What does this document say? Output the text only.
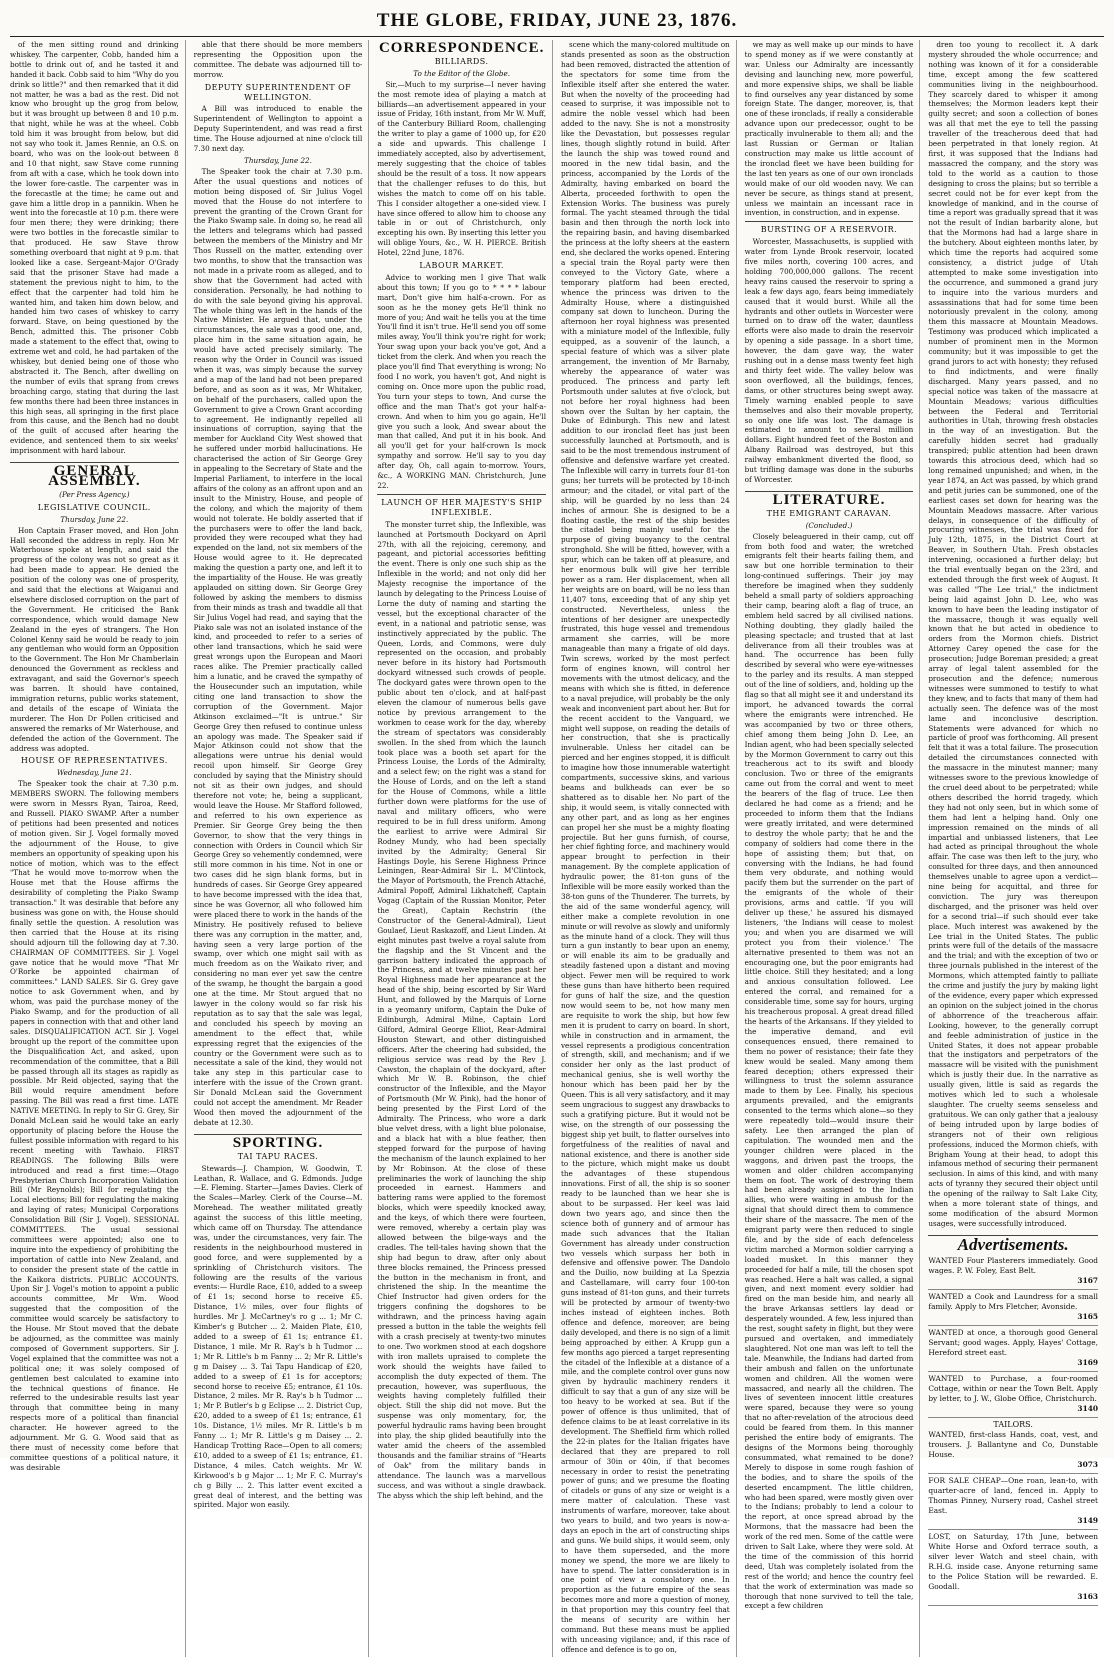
THE GLOBE, FRIDAY, JUNE 23, 1876.

of the men sitting round and drinking whiskey. The carpenter, Cobb, handed him a bottle to drink out of, and he tasted it and handed it back. Cobb said to him "Why do you drink so little?" and then remarked that it did not matter, he was a bad as the rest. Did not know who brought up the grog from below, but it was brought up between 8 and 10 p.m. that night, while he was at the wheel. Cobb told him it was brought from below, but did not say who took it. James Rennie, an O.S. on board, who was on the look-out between 8 and 10 that night, saw Stave come running from aft with a case, which he took down into the lower fore-castle. The carpenter was in the forecastle at the time; he came out and gave him a little drop in a pannikin. When he went into the forecastle at 10 p.m. there were four men there; they were drinking; there were two bottles in the forecastle similar to that produced. He saw Stave throw something overboard that night at 9 p.m. that looked like a case. Sergeant-Major O'Grady said that the prisoner Stave had made a statement the previous night to him, to the effect that the carpenter had told him he wanted him, and taken him down below, and handed him two cases of whiskey to carry forward. Stave, on being questioned by the Bench, admitted this. The prisoner Cobb made a statement to the effect that, owing to extreme wet and cold, he had partaken of the whiskey, but denied being one of those who abstracted it. The Bench, after dwelling on the number of evils that sprang from crews broaching cargo, stating that during the last few months there had been three instances in this high seas, all springing in the first place from this cause, and the Bench had no doubt of the guilt of accused after hearing the evidence, and sentenced them to six weeks' imprisonment with hard labour.

GENERAL ASSEMBLY.
(Per Press Agency.)
LEGISLATIVE COUNCIL.
Thursday, June 22.

Hon Captain Fraser moved, and Hon John Hall seconded the address in reply. Hon Mr Waterhouse spoke at length, and said the progress of the colony was not so great as it had been made to appear. He denied the position of the colony was one of prosperity, and said that the elections at Waiganui and elsewhere disclosed corruption on the part of the Government. He criticised the Bank correspondence, which would damage New Zealand in the eyes of strangers. The Hon Colonel Kenny said he would be ready to join any gentleman who would form an Opposition to the Government. The Hon Mr Chamberlain denounced the Government as reckless and extravagant, and said the Governor's speech was barren. It should have contained, immigration returns, public works statement, and details of the escape of Winiata the murderer. The Hon Dr Pollen criticised and answered the remarks of Mr Waterhouse, and defended the action of the Government. The address was adopted.

HOUSE OF REPRESENTATIVES.
Wednesday, June 21.

The Speaker took the chair at 7.30 p.m. MEMBERS SWORN. The following members were sworn in Messrs Ryan, Tairoa, Reed, and Russell. PIAKO SWAMP. After a number of petitions had been presented and notices of motion given. Sir J. Vogel formally moved the adjournment of the House, to give members an opportunity of speaking upon his notice of motion, which was to the effect "That he would move to-morrow when the House met that the House affirms the desirability of completing the Piako Swamp transaction." It was desirable that before any business was gone on with, the House should finally settle the question. A resolution was then carried that the House at its rising should adjourn till the following day at 7.30. CHAIRMAN OF COMMITTEES. Sir J. Vogel gave notice that he would move "That Mr O'Rorke be appointed chairman of committees." LAND SALES. Sir G. Grey gave notice to ask Government when, and by whom, was paid the purchase money of the Piako Swamp, and for the production of all papers in connection with that and other land sales. DISQUALIFICATION ACT. Sir J. Vogel brought up the report of the committee upon the Disqualification Act, and asked, upon recommendation of the committee, that a Bill be passed through all its stages as rapidly as possible. Mr Reid objected, saying that the Bill would require amendment before passing. The Bill was read a first time. LATE NATIVE MEETING. In reply to Sir G. Grey, Sir Donald McLean said he would take an early opportunity of placing before the House the fullest possible information with regard to his recent meeting with Tawhaio. FIRST READINGS. The following Bills were introduced and read a first time:—Otago Presbyterian Church Incorporation Validation Bill (Mr Reynolds); Bill for regulating the Local elections; Bill for regulating the making and laying of rates; Municipal Corporations Consolidation Bill (Sir J. Vogel). SESSIONAL COMMITTEES. The usual sessional committees were appointed; also one to inquire into the expediency of prohibiting the importation of cattle into New Zealand, and to consider the present state of the cattle in the Kaikora districts. PUBLIC ACCOUNTS. Upon Sir J. Vogel's motion to appoint a public accounts committee, Mr Wm. Wood suggested that the composition of the committee would scarcely be satisfactory to the House. Mr Stout moved that the debate be adjourned, as the committee was mainly composed of Government supporters. Sir J. Vogel explained that the committee was not a political one; it was solely composed of gentlemen best calculated to examine into the technical questions of finance. He referred to the undesirable results last year through that committee being in many respects more of a political than financial character. He however agreed to the adjournment. Mr G. G. Wood said that as there must of necessity come before that committee questions of a political nature, it was desirable

able that there should be more members representing the Opposition upon the committee. The debate was adjourned till to-morrow.

DEPUTY SUPERINTENDENT OF WELLINGTON.

A Bill was introduced to enable the Superintendent of Wellington to appoint a Deputy Superintendent, and was read a first time. The House adjourned at nine o'clock till 7.30 next day.

Thursday, June 22.

The Speaker took the chair at 7.30 p.m. After the usual questions and notices of motion being disposed of. Sir Julius Vogel moved that the House do not interfere to prevent the granting of the Crown Grant for the Piako Swamp sale. In doing so, he read all the letters and telegrams which had passed between the members of the Ministry and Mr Thos Russell on the matter, extending over two months, to show that the transaction was not made in a private room as alleged, and to show that the Government had acted with consideration. Personally, he had nothing to do with the sale beyond giving his approval. The whole thing was left in the hands of the Native Minister. He argued that, under the circumstances, the sale was a good one, and, place him in the same situation again, he would have acted precisely similarly. The reason why the Order in Council was issued when it was, was simply because the survey and a map of the land had not been prepared before, and as soon as it was, Mr Whitaker, on behalf of the purchasers, called upon the Government to give a Crown Grant according to agreement. He indignantly repelled all insinuations of corruption, saying that the member for Auckland City West showed that he suffered under morbid hallucinations. He characterised the action of Sir George Grey in appealing to the Secretary of State and the Imperial Parliament, to interfere in the local affairs of the colony as an affront upon and an insult to the Ministry, House, and people of the colony, and which the majority of them would not tolerate. He boldly asserted that if the purchasers were to offer the land back, provided they were recouped what they had expended on the land, not six members of the House would agree to it. He deprecated making the question a party one, and left it to the impartiality of the House. He was greatly applauded on sitting down. Sir George Grey followed by asking the members to dismiss from their minds as trash and twaddle all that Sir Julius Vogel had read, and saying that the Piako sale was not an isolated instance of the kind, and proceeded to refer to a series of other land transactions, which he said were great wrongs upon the European and Maori races alike. The Premier practically called him a lunatic, and he craved the sympathy of the Housecunder such an imputation, while citing one land transaction to show the corruption of the Government. Major Atkinson exclaimed—"It is untrue." Sir George Grey then refused to continue unless an apology was made. The Speaker said if Major Atkinson could not show that the allegations were untrue his denial would recoil upon himself. Sir George Grey concluded by saying that the Ministry should not sit as their own judges, and should therefore not vote; he, being a supplicant, would leave the House. Mr Stafford followed, and referred to his own experience as Premier. Sir George Grey being the then Governor, to show that the very things in connection with Orders in Council which Sir George Grey so vehemently condemned, were still more common in his time. Not in one or two cases did he sign blank forms, but in hundreds of cases. Sir George Grey appeared to have become impressed with the idea that, since he was Governor, all who followed him were placed there to work in the hands of the Ministry. He positively refused to believe there was any corruption in the matter, and, having seen a very large portion of the swamp, over which one might sail with as much freedom as on the Waikato river, and considering no man ever yet saw the centre of the swamp, he thought the bargain a good one at the time. Mr Stout argued that no lawyer in the colony would so far risk his reputation as to say that the sale was legal, and concluded his speech by moving an amendment to the effect that, while expressing regret that the exigencies of the country or the Government were such as to necessitate a sale of the kind, they would not take any step in this particular case to interfere with the issue of the Crown grant. Sir Donald McLean said the Government could not accept the amendment. Mr Reader Wood then moved the adjournment of the debate at 12.30.

SPORTING.
TAI TAPU RACES.

Stewards—J. Champion, W. Goodwin, T. Leathan, R. Wallace, and G. Edmonds. Judge—E. Fleming. Starter—James Davies. Clerk of the Scales—Marley. Clerk of the Course—M. Morehead. The weather militated greatly against the success of this little meeting, which came off on Thursday. The attendance was, under the circumstances, very fair. The residents in the neighbourhood mustered in good force, and were supplemented by a sprinkling of Christchurch visitors. The following are the results of the various events:— Hurdle Race, £10, added to a sweep of £1 1s; second horse to receive £5. Distance, 1½ miles, over four flights of hurdles. Mr J. McCartney's ro g ... 1; Mr C. Kimber's g Butcher ... 2. Maiden Plate, £10, added to a sweep of £1 1s; entrance £1. Distance, 1 mile. Mr R. Ray's b h Tudmor ... 1; Mr R. Little's b m Fanny ... 2; Mr R. Little's g m Daisey ... 3. Tai Tapu Handicap of £20, added to a sweep of £1 1s for acceptors; second horse to receive £5; entrance, £1 10s. Distance, 2 miles. Mr R. Ray's b h Tudmor ... 1; Mr P. Butler's b g Eclipse ... 2. District Cup, £20, added to a sweep of £1 1s; entrance, £1 10s. Distance, 1½ miles. Mr R. Little's b m Fanny ... 1; Mr R. Little's g m Daisey ... 2. Handicap Trotting Race—Open to all comers; £10, added to a sweep of £1 1s; entrance, £1. Distance, 4 miles. Catch weights. Mr W. Kirkwood's b g Major ... 1; Mr F. C. Murray's ch g Billy ... 2. This latter event excited a great deal of interest, and the betting was spirited. Major won easily.

CORRESPONDENCE.
BILLIARDS.
To the Editor of the Globe.

Sir,—Much to my surprise—I never having the most remote idea of playing a match at billiards—an advertisement appeared in your issue of Friday, 16th instant, from Mr W. Muff, of the Canterbury Billiard Room, challenging the writer to play a game of 1000 up, for £20 a side and upwards. This challenge I immediately accepted, also by advertisement, merely suggesting that the choice of tables should be the result of a toss. It now appears that the challenger refuses to do this, but wishes the match to come off on his table. This I consider altogether a one-sided view. I have since offered to allow him to choose any table in or out of Christchurch, only excepting his own. By inserting this letter you will oblige Yours, &c., W. H. PIERCE. British Hotel, 22nd June, 1876.

LABOUR MARKET.

Advice to working men I give That walk about this town; If you go to * * * * labour mart, Don't give him half-a-crown. For as soon as he the money gets He'll think no more of you; And wait he tells you at the time You'll find it isn't true. He'll send you off some miles away, You'll think you're right for work; Your swag upon your back you've got, And a ticket from the clerk. And when you reach the place you'll find That everything is wrong; No food I no work, you haven't got, And night is coming on. Once more upon the public road, You turn your steps to town, And curse the office and the man That's got your half-a-crown. And when to him you go again, He'll give you such a look, And swear about the man that called, And put it in his book. And all you'll get for your half-crown Is mock sympathy and sorrow. He'll say to you day after day, Oh, call again to-morrow. Yours, &c., A WORKING MAN. Christchurch, June 22.

LAUNCH OF HER MAJESTY'S SHIP INFLEXIBLE.

The monster turret ship, the Inflexible, was launched at Portsmouth Dockyard on April 27th, with all the rejoicing, ceremony, and pageant, and pictorial accessories befitting the event. There is only one such ship as the Inflexible in the world; and not only did her Majesty recognise the importance of the launch by delegating to the Princess Louise of Lorne the duty of naming and starting the vessel, but the exceptional character of the event, in a national and patriotic sense, was instinctively appreciated by the public. The Queen, Lords, and Commons, were duly represented on the occasion, and probably never before in its history had Portsmouth dockyard witnessed such crowds of people. The dockyard gates were thrown open to the public about ten o'clock, and at half-past eleven the clamour of numerous bells gave notice by previous arrangement to the workmen to cease work for the day, whereby the stream of spectators was considerably swollen. In the shed from which the launch took place was a booth set apart for the Princess Louise, the Lords of the Admiralty, and a select few; on the right was a stand for the House of Lords, and on the left a stand for the House of Commons, while a little further down were platforms for the use of naval and military officers, who were required to be in full dress uniform. Among the earliest to arrive were Admiral Sir Rodney Mundy, who had been specially invited by the Admiralty; General Sir Hastings Doyle, his Serene Highness Prince Leiningen, Rear-Admiral Sir L. M'Clintock, the Mayor of Portsmouth, the French Attaché, Admiral Popoff, Admiral Likhatcheff, Captain Vogag (Captain of the Russian Monitor, Peter the Great), Captain Rechstrin (the Constructor of the General-Admiral), Lieut Goulaef, Lieut Raskazoff, and Lieut Linden. At eight minutes past twelve a royal salute from the flagship and the St Vincent and the garrison battery indicated the approach of the Princess, and at twelve minutes past her Royal Highness made her appearance at the head of the ship, being escorted by Sir Ward Hunt, and followed by the Marquis of Lorne in a yeomanry uniform, Captain the Duke of Edinburgh, Admiral Milne, Captain Lord Gilford, Admiral George Elliot, Rear-Admiral Houston Stewart, and other distinguished officers. After the cheering had subsided, the religious service was read by the Rev J. Cawston, the chaplain of the dockyard, after which Mr W. B. Robinson, the chief constructor of the Inflexible, and the Mayor of Portsmouth (Mr W. Pink), had the honor of being presented by the First Lord of the Admiralty. The Princess, who wore a dark blue velvet dress, with a light blue polonaise, and a black hat with a blue feather, then stepped forward for the purpose of having the mechanism of the launch explained to her by Mr Robinson. At the close of these preliminaries the work of launching the ship proceeded in earnest. Hammers and battering rams were applied to the foremost blocks, which were speedily knocked away, and the keys, of which there were fourteen, were removed, whereby a certain play was allowed between the bilge-ways and the cradles. The tell-tales having shown that the ship had begun to draw, after only about three blocks remained, the Princess pressed the button in the mechanism in front, and christened the ship. In the meantime the Chief Instructor had given orders for the triggers confining the dogshores to be withdrawn, and the princess having again pressed a button in the table the weights fell with a crash precisely at twenty-two minutes to one. Two workmen stood at each dogshore with iron mallets upraised to complete the work should the weights have failed to accomplish the duty expected of them. The precaution, however, was superfluous, the weights having completely fulfilled their object. Still the ship did not move. But the suspense was only momentary, for, the powerful hydraulic rams having been brought into play, the ship glided beautifully into the water amid the cheers of the assembled thousands and the familiar strains of "Hearts of Oak" from the military bands in attendance. The launch was a marvellous success, and was without a single drawback. The abyss which the ship left behind, and the

scene which the many-colored multitude on stands presented as soon as the obstruction had been removed, distracted the attention of the spectators for some time from the Inflexible itself after she entered the water. But when the novelty of the proceeding had ceased to surprise, it was impossible not to admire the noble vessel which had been added to the navy. She is not a monstrosity like the Devastation, but possesses regular lines, though slightly rotund in build. After the launch the ship was towed round and moored in the new tidal basin, and the princess, accompanied by the Lords of the Admiralty, having embarked on board the Alberta, proceeded forthwith to open the Extension Works. The business was purely formal. The yacht steamed through the tidal basin and then through the north lock into the repairing basin, and having disembarked the princess at the lofty sheers at the eastern end, she declared the works opened. Entering a special train the Royal party were then conveyed to the Victory Gate, where a temporary platform had been erected, whence the princess was driven to the Admiralty House, where a distinguished company sat down to luncheon. During the afternoon her royal highness was presented with a miniature model of the Inflexible, fully equipped, as a souvenir of the launch, a special feature of which was a silver plate arrangement, the invention of Mr Barnaby, whereby the appearance of water was produced. The princess and party left Portsmouth under salutes at five o'clock, but not before her royal highness had been shown over the Sultan by her captain, the Duke of Edinburgh. This new and latest addition to our ironclad fleet has just been successfully launched at Portsmouth, and is said to be the most tremendous instrument of offensive and defensive warfare yet created. The Inflexible will carry in turrets four 81-ton guns; her turrets will be protected by 18-inch armour; and the citadel, or vital part of the ship, will be guarded by no less than 24 inches of armour. She is designed to be a floating castle, the rest of the ship besides the citadel being mainly useful for the purpose of giving buoyancy to the central stronghold. She will be fitted, however, with a spur, which can be taken off at pleasure, and her enormous bulk will give her terrible power as a ram. Her displacement, when all her weights are on board, will be no less than 11,407 tons, exceeding that of any ship yet constructed. Nevertheless, unless the intentions of her designer are unexpectedly frustrated, this huge vessel and tremendous armament she carries, will be more manageable than many a frigate of old days. Twin screws, worked by the most perfect form of engines known, will control her movements with the utmost delicacy, and the means with which she is fitted, in deference to a naval prejudice, will probably be the only weak and inconvenient part about her. But for the recent accident to the Vanguard, we might well suppose, on reading the details of her construction, that she is practically invulnerable. Unless her citadel can be pierced and her engines stopped, it is difficult to imagine how those innumerable watertight compartments, successive skins, and various beams and bulkheads can ever be so shattered as to disable her. No part of the ship, it would seem, is vitally connected with any other part, and as long as her engines can propel her she must be a mighty floating projectile. But her guns furnish, of course, her chief fighting force, and machinery would appear brought to perfection in their management. By the complete application of hydraulic power, the 81-ton guns of the Inflexible will be more easily worked than the 38-ton guns of the Thunderer. The turrets, by the aid of the same wonderful agency, will either make a complete revolution in one minute or will revolve as slowly and uniformly as the minute hand of a clock. They will thus turn a gun instantly to bear upon an enemy, or will enable its aim to be gradually and steadily fastened upon a distant and moving object. Fewer men will be required to work these guns than have hitherto been required for guns of half the size, and the question now would seem to be, not how many men are requisite to work the ship, but how few men it is prudent to carry on board. In short, while in construction and in armament, the vessel represents a prodigious concentration of strength, skill, and mechanism; and if we consider her only as the last product of mechanical genius, she is well worthy the honour which has been paid her by the Queen. This is all very satisfactory, and it may seem ungracious to suggest any drawbacks to such a gratifying picture. But it would not be wise, on the strength of our possessing the biggest ship yet built, to flatter ourselves into forgetfulness of the realities of naval and national existence, and there is another side to the picture, which might make us doubt the advantages of these stupendous innovations. First of all, the ship is so sooner ready to be launched than we hear she is about to be surpassed. Her keel was laid down two years ago, and since then the science both of gunnery and of armour has made such advances that the Italian Government has already under construction two vessels which surpass her both in defensive and offensive power. The Dandolo and the Duilio, now building at La Spezzia and Castellamare, will carry four 100-ton guns instead of 81-ton guns, and their turrets will be protected by armour of twenty-two inches instead of eighteen inches. Both offence and defence, moreover, are being daily developed, and there is no sign of a limit being approached by either. A Krupp gun a few months ago pierced a target representing the citadel of the Inflexible at a distance of a mile, and the complete control over guns now given by hydraulic machinery renders it difficult to say that a gun of any size will be too heavy to be worked at sea. But if the power of offence is thus unlimited, that of defence claims to be at least correlative in its development. The Sheffield firm which rolled the 22-in plates for the Italian frigates have declared that they are prepared to roll armour of 30in or 40in, if that becomes necessary in order to resist the penetrating power of guns; and we presume the floating of citadels or guns of any size or weight is a mere matter of calculation. These vast instruments of warfare, moreover, take about two years to build, and two years is now-a-days an epoch in the art of constructing ships and guns. We build ships, it would seem, only to have them superseded, and the more money we spend, the more we are likely to have to spend. The latter consideration is in one point of view a consolatory one. In proportion as the future empire of the seas becomes more and more a question of money, in that proportion may this country feel that the means of security are within her command. But these means must be applied with unceasing vigilance; and, if this race of offence and defence is to go on,

we may as well make up our minds to have to spend money as if we were constantly at war. Unless our Admiralty are incessantly devising and launching new, more powerful, and more expensive ships, we shall be liable to find ourselves any year distanced by some foreign State. The danger, moreover, is, that one of these ironclads, if really a considerable advance upon our predecessor, ought to be practically invulnerable to them all; and the last Russian or German or Italian construction may make us little account of the ironclad fleet we have been building for the last ten years as one of our own ironclads would make of our old wooden navy. We can never be secure, as things stand at present, unless we maintain an incessant race in invention, in construction, and in expense.

BURSTING OF A RESERVOIR.

Worcester, Massachusetts, is supplied with water from Lynde Brook reservoir, located five miles north, covering 100 acres, and holding 700,000,000 gallons. The recent heavy rains caused the reservoir to spring a leak a few days ago, fears being immediately caused that it would burst. While all the hydrants and other outlets in Worcester were turned on to draw off the water, dauntless efforts were also made to drain the reservoir by opening a side passage. In a short time, however, the dam gave way, the water rushing out in a dense mass twenty feet high and thirty feet wide. The valley below was soon overflowed, all the buildings, fences, dams, or other structures being swept away. Timely warning enabled people to save themselves and also their movable property, so only one life was lost. The damage is estimated to amount to several million dollars. Eight hundred feet of the Boston and Albany Railroad was destroyed, but this railway embankment diverted the flood, so but trifling damage was done in the suburbs of Worcester.

LITERATURE.
THE EMIGRANT CARAVAN.
(Concluded.)

Closely beleaguered in their camp, cut off from both food and water, the wretched emigrants felt their hearts failing them, and saw but one horrible termination to their long-continued sufferings. Their joy may therefore be imagined when they suddenly beheld a small party of soldiers approaching their camp, bearing aloft a flag of truce, an emblem held sacred by all civilised nations. Nothing doubting, they gladly hailed the pleasing spectacle; and trusted that at last deliverance from all their troubles was at hand. The occurrence has been fully described by several who were eye-witnesses to the parley and its results. A man stepped out of the line of soldiers, and, holding up the flag so that all might see it and understand its import, he advanced towards the corral where the emigrants were intrenched. He was accompanied by two or three others, chief among them being John D. Lee, an Indian agent, who had been specially selected by the Mormon Government to carry out this treacherous act to its swift and bloody conclusion. Two or three of the emigrants came out from the corral and went to meet the bearers of the flag of truce. Lee then declared he had come as a friend; and he proceeded to inform them that the Indians were greatly irritated, and were determined to destroy the whole party; that he and the company of soldiers had come there in the hope of assisting them; but that, on conversing with the Indians, he had found them very obdurate, and nothing would pacify them but the surrender on the part of the emigrants of the whole of their provisions, arms and cattle. 'If you will deliver up these,' he assured his dismayed listeners, 'the Indians will cease to molest you; and when you are disarmed we will protect you from their violence.' The alternative presented to them was not an encouraging one, but the poor emigrants had little choice. Still they hesitated; and a long and anxious consultation followed. Lee entered the corral, and remained for a considerable time, some say for hours, urging his treacherous proposal. A great dread filled the hearts of the Arkansans. If they yielded to the imperative demand, and evil consequences ensued, there remained to them no power of resistance; their fate they knew would be sealed. Many among them feared deception; others expressed their willingness to trust the solemn assurance made to them by Lee. Finally, his specious arguments prevailed, and the emigrants consented to the terms which alone—so they were repeatedly told—would insure their safety. Lee then arranged the plan of capitulation. The wounded men and the younger children were placed in the waggons, and driven past the troops, the women and older children accompanying them on foot. The work of destroying them had been already assigned to the Indian allies, who were waiting in ambush for the signal that should direct them to commence their share of the massacre. The men of the emigrant party were then reduced to single file, and by the side of each defenceless victim marched a Mormon soldier carrying a loaded musket. In this manner they proceeded for half a mile, till the chosen spot was reached. Here a halt was called, a signal given, and next moment every soldier had fired on the man beside him, and nearly all the brave Arkansas settlers lay dead or desperately wounded. A few, less injured than the rest, sought safety in flight, but they were pursued and overtaken, and immediately slaughtered. Not one man was left to tell the tale. Meanwhile, the Indians had darted from their ambush and fallen on the unfortunate women and children. All the women were massacred, and nearly all the children. The lives of seventeen innocent little creatures were spared, because they were so young that no after-revelation of the atrocious deed could be feared from them. In this manner perished the entire body of emigrants. The designs of the Mormons being thoroughly consummated, what remained to be done? Merely to dispose in some rough fashion of the bodies, and to share the spoils of the deserted encampment. The little children, who had been spared, were mostly given over to the Indians; probably to lend a colour to the report, at once spread abroad by the Mormons, that the massacre had been the work of the red men. Some of the cattle were driven to Salt Lake, where they were sold. At the time of the commission of this horrid deed, Utah was completely isolated from the rest of the world; and hence the country feel that the work of extermination was made so thorough that none survived to tell the tale, except a few children

dren too young to recollect it. A dark mystery shrouded the whole occurrence; and nothing was known of it for a considerable time, except among the few scattered communities living in the neighbourhood. They scarcely dared to whisper it among themselves; the Mormon leaders kept their guilty secret; and soon a collection of bones was all that met the eye to tell the passing traveller of the treacherous deed that had been perpetrated in that lonely region. At first, it was supposed that the Indians had massacred the company, and the story was told to the world as a caution to those designing to cross the plains; but so terrible a secret could not be for ever kept from the knowledge of mankind, and in the course of time a report was gradually spread that it was not the result of Indian barbarity alone, but that the Mormons had had a large share in the butchery. About eighteen months later, by which time the reports had acquired some consistency, a district judge of Utah attempted to make some investigation into the occurrence, and summoned a grand jury to inquire into the various murders and assassinations that had for some time been notoriously prevalent in the colony, among them this massacre at Mountain Meadows. Testimony was produced which implicated a number of prominent men in the Mormon community; but it was impossible to get the grand jurors to act with honesty; they refused to find indictments, and were finally discharged. Many years passed, and no special notice was taken of the massacre at Mountain Meadows; various difficulties between the Federal and Territorial authorities in Utah, throwing fresh obstacles in the way of an investigation. But the carefully hidden secret had gradually transpired; public attention had been drawn towards this atrocious deed, which had so long remained unpunished; and when, in the year 1874, an Act was passed, by which grand and petit juries can be summoned, one of the earliest cases set down for hearing was the Mountain Meadows massacre. After various delays, in consequence of the difficulty of procuring witnesses, the trial was fixed for July 12th, 1875, in the District Court at Beaver, in Southern Utah. Fresh obstacles intervening, occasioned a further delay; but the trial eventually began on the 23rd, and extended through the first week of August. It was called "The Lee trial," the indictment being laid against John D. Lee, who was known to have been the leading instigator of the massacre, though it was equally well known that he but acted in obedience to orders from the Mormon chiefs. District Attorney Carey opened the case for the prosecution; Judge Boreman presided; a great array of legal talent assembled for the prosecution and the defence; numerous witnesses were summoned to testify to what they knew, and to facts that many of them had actually seen. The defence was of the most lame and inconclusive description. Statements were advanced for which no particle of proof was forthcoming. All present felt that it was a total failure. The prosecution detailed the circumstances connected with the massacre in the minutest manner; many witnesses swore to the previous knowledge of the cruel deed about to be perpetrated; while others described the horrid tragedy, which they had not only seen, but in which some of them had lent a helping hand. Only one impression remained on the minds of all impartial and unbiassed listeners, that Lee had acted as principal throughout the whole affair. The case was then left to the jury, who consulted for three days, and then announced themselves unable to agree upon a verdict—nine being for acquittal, and three for conviction. The jury was thereupon discharged, and the prisoner was held over for a second trial—if such should ever take place. Much interest was awakened by the Lee trial in the United States. The public prints were full of the details of the massacre and the trial; and with the exception of two or three journals published in the interest of the Mormons, which attempted faintly to palliate the crime and justify the jury by making light of the evidence, every paper which expressed an opinion on the subject joined in the chorus of abhorrence of the treacherous affair. Looking, however, to the generally corrupt and feeble administration of justice in the United States, it does not appear probable that the instigators and perpetrators of the massacre will be visited with the punishment which is justly their due. In the narrative as usually given, little is said as regards the motives which led to such a wholesale slaughter. The cruelty seems senseless and gratuitous. We can only gather that a jealousy of being intruded upon by large bodies of strangers not of their own religious professions, induced the Mormon chiefs, with Brigham Young at their head, to adopt this infamous method of securing their permanent seclusion. In aims of this kind, and with many acts of tyranny they secured their object until the opening of the railway to Salt Lake City, when a more tolerant state of things, and some modification of the absurd Mormon usages, were successfully introduced.

Advertisements.
WANTED Four Plasterers immediately. Good wages. P. W. Foley, East Belt.
3167
WANTED a Cook and Laundress for a small family. Apply to Mrs Fletcher, Avonside.
3165
WANTED at once, a thorough good General Servant; good wages. Apply, Hayes' Cottage, Hereford street east.
3169
WANTED to Purchase, a four-roomed Cottage, within or near the Town Belt. Apply by letter, to J. W., Globe Office, Christchurch.
3140
TAILORS.
WANTED, first-class Hands, coat, vest, and trousers. J. Ballantyne and Co, Dunstable House.
3073
FOR SALE CHEAP—One roan, lean-to, with quarter-acre of land, fenced in. Apply to Thomas Pinney, Nursery road, Cashel street East.
3149
LOST, on Saturday, 17th June, between White Horse and Oxford terrace south, a silver lever Watch and steel chain, with R.H.G. inside case. Anyone returning same to the Police Station will be rewarded. E. Goodall.
3163
